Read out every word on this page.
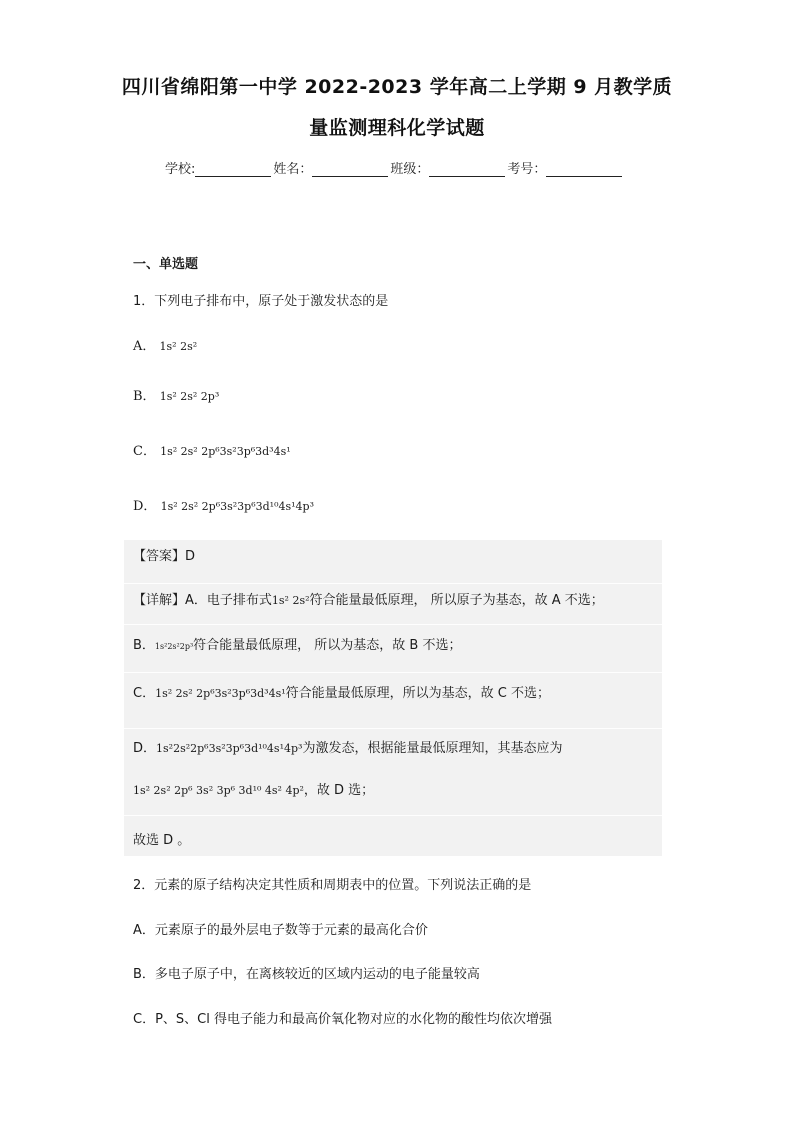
四川省绵阳第一中学 2022-2023 学年高二上学期 9 月教学质
量监测理科化学试题
学校:	姓名：	班级：	考号：
一、单选题
1．下列电子排布中，原子处于激发状态的是
A． 1s² 2s²
B． 1s² 2s² 2p³
C． 1s² 2s² 2p⁶3s²3p⁶3d³4s¹
D． 1s² 2s² 2p⁶3s²3p⁶3d¹⁰4s¹4p³
【答案】D
【详解】A．电子排布式1s² 2s²符合能量最低原理， 所以原子为基态，故 A 不选；
B．1s²2s²2p³符合能量最低原理， 所以为基态，故 B 不选；
C．1s² 2s² 2p⁶3s²3p⁶3d³4s¹符合能量最低原理，所以为基态，故 C 不选；
D．1s²2s²2p⁶3s²3p⁶3d¹⁰4s¹4p³为激发态，根据能量最低原理知，其基态应为
1s² 2s² 2p⁶ 3s² 3p⁶ 3d¹⁰ 4s² 4p²，故 D 选；
故选 D 。
2．元素的原子结构决定其性质和周期表中的位置。下列说法正确的是
A．元素原子的最外层电子数等于元素的最高化合价
B．多电子原子中，在离核较近的区域内运动的电子能量较高
C．P、S、Cl 得电子能力和最高价氧化物对应的水化物的酸性均依次增强
